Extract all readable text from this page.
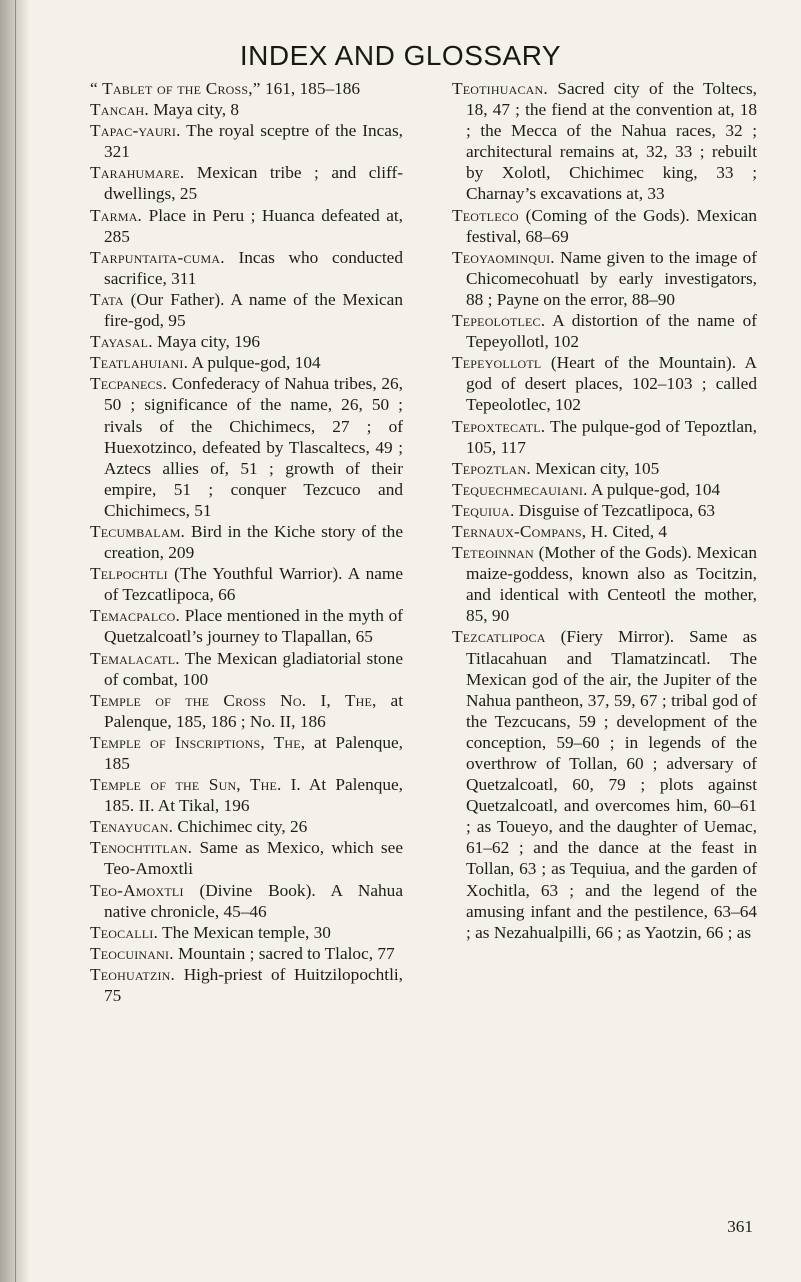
INDEX AND GLOSSARY
“ Tablet of the Cross,” 161, 185–186
Tancah. Maya city, 8
Tapac-yauri. The royal sceptre of the Incas, 321
Tarahumare. Mexican tribe ; and cliff-dwellings, 25
Tarma. Place in Peru ; Huanca defeated at, 285
Tarpuntaita-cuma. Incas who conducted sacrifice, 311
Tata (Our Father). A name of the Mexican fire-god, 95
Tayasal. Maya city, 196
Teatlahuiani. A pulque-god, 104
Tecpanecs. Confederacy of Nahua tribes, 26, 50 ; significance of the name, 26, 50 ; rivals of the Chichimecs, 27 ; of Huexotzinco, defeated by Tlascaltecs, 49 ; Aztecs allies of, 51 ; growth of their empire, 51 ; conquer Tezcuco and Chichimecs, 51
Tecumbalam. Bird in the Kiche story of the creation, 209
Telpochtli (The Youthful Warrior). A name of Tezcatlipoca, 66
Temacpalco. Place mentioned in the myth of Quetzalcoatl’s journey to Tlapallan, 65
Temalacatl. The Mexican gladiatorial stone of combat, 100
Temple of the Cross No. I, The, at Palenque, 185, 186 ; No. II, 186
Temple of Inscriptions, The, at Palenque, 185
Temple of the Sun, The. I. At Palenque, 185. II. At Tikal, 196
Tenayucan. Chichimec city, 26
Tenochtitlan. Same as Mexico, which see Teo-Amoxtli
Teo-Amoxtli (Divine Book). A Nahua native chronicle, 45–46
Teocalli. The Mexican temple, 30
Teocuinani. Mountain ; sacred to Tlaloc, 77
Teohuatzin. High-priest of Huitzilopochtli, 75
Teotihuacan. Sacred city of the Toltecs, 18, 47 ; the fiend at the convention at, 18 ; the Mecca of the Nahua races, 32 ; architectural remains at, 32, 33 ; rebuilt by Xolotl, Chichimec king, 33 ; Charnay’s excavations at, 33
Teotleco (Coming of the Gods). Mexican festival, 68–69
Teoyaominqui. Name given to the image of Chicomecohuatl by early investigators, 88 ; Payne on the error, 88–90
Tepeolotlec. A distortion of the name of Tepeyollotl, 102
Tepeyollotl (Heart of the Mountain). A god of desert places, 102–103 ; called Tepeolotlec, 102
Tepoxtecatl. The pulque-god of Tepoztlan, 105, 117
Tepoztlan. Mexican city, 105
Tequechmecauiani. A pulque-god, 104
Tequiua. Disguise of Tezcatlipoca, 63
Ternaux-Compans, H. Cited, 4
Teteoinnan (Mother of the Gods). Mexican maize-goddess, known also as Tocitzin, and identical with Centeotl the mother, 85, 90
Tezcatlipoca (Fiery Mirror). Same as Titlacahuan and Tlamatzincatl. The Mexican god of the air, the Jupiter of the Nahua pantheon, 37, 59, 67 ; tribal god of the Tezcucans, 59 ; development of the conception, 59–60 ; in legends of the overthrow of Tollan, 60 ; adversary of Quetzalcoatl, 60, 79 ; plots against Quetzalcoatl, and overcomes him, 60–61 ; as Toueyo, and the daughter of Uemac, 61–62 ; and the dance at the feast in Tollan, 63 ; as Tequiua, and the garden of Xochitla, 63 ; and the legend of the amusing infant and the pestilence, 63–64 ; as Nezahualpilli, 66 ; as Yaotzin, 66 ; as
361
